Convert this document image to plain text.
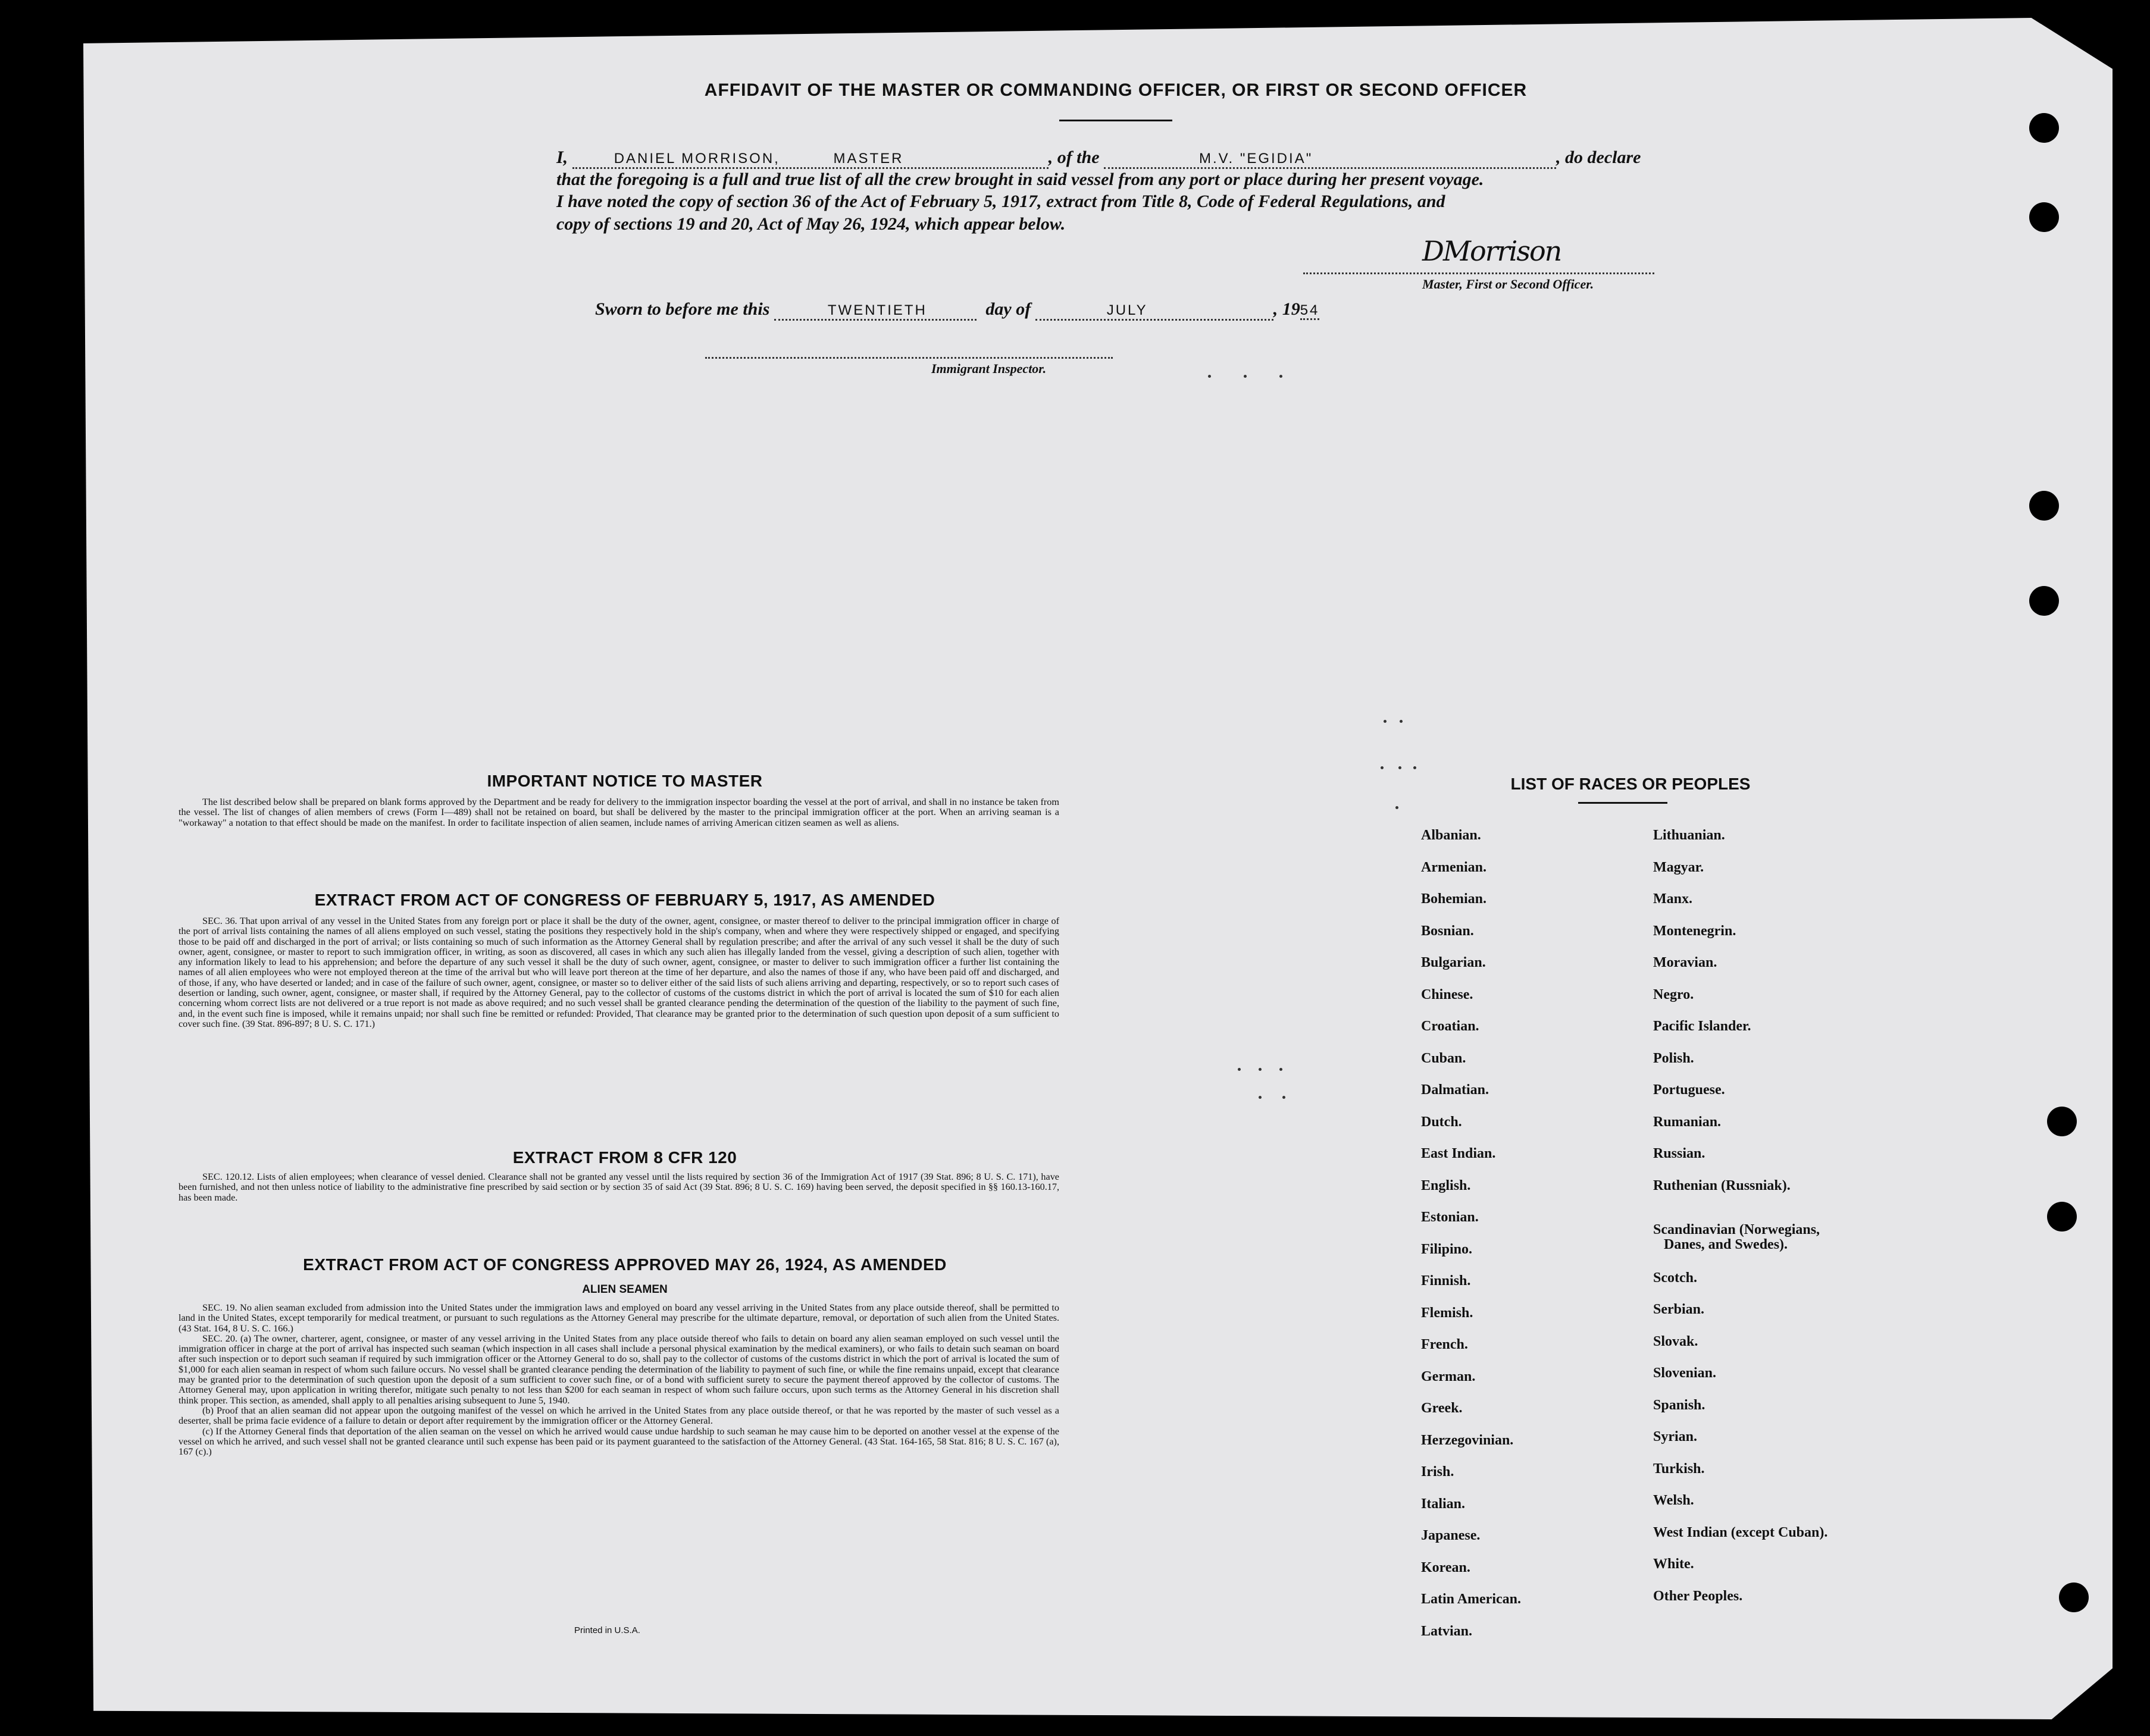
AFFIDAVIT OF THE MASTER OR COMMANDING OFFICER, OR FIRST OR SECOND OFFICER
I,	DANIEL MORRISON,	MASTER	, of the	M.V. "EGIDIA"	, do declare
that the foregoing is a full and true list of all the crew brought in said vessel from any port or place during her present voyage.
I have noted the copy of section 36 of the Act of February 5, 1917, extract from Title 8, Code of Federal Regulations, and
copy of sections 19 and 20, Act of May 26, 1924, which appear below.
DMorrison
Master, First or Second Officer.
Sworn to before me this	TWENTIETH	day of	JULY	, 1954
Immigrant Inspector.
IMPORTANT NOTICE TO MASTER
The list described below shall be prepared on blank forms approved by the Department and be ready for delivery to the immigration inspector boarding the vessel at the port of arrival, and shall in no instance be taken from the vessel. The list of changes of alien members of crews (Form I—489) shall not be retained on board, but shall be delivered by the master to the principal immigration officer at the port. When an arriving seaman is a "workaway" a notation to that effect should be made on the manifest. In order to facilitate inspection of alien seamen, include names of arriving American citizen seamen as well as aliens.
EXTRACT FROM ACT OF CONGRESS OF FEBRUARY 5, 1917, AS AMENDED
SEC. 36. That upon arrival of any vessel in the United States from any foreign port or place it shall be the duty of the owner, agent, consignee, or master thereof to deliver to the principal immigration officer in charge of the port of arrival lists containing the names of all aliens employed on such vessel, stating the positions they respectively hold in the ship's company, when and where they were respectively shipped or engaged, and specifying those to be paid off and discharged in the port of arrival; or lists containing so much of such information as the Attorney General shall by regulation prescribe; and after the arrival of any such vessel it shall be the duty of such owner, agent, consignee, or master to report to such immigration officer, in writing, as soon as discovered, all cases in which any such alien has illegally landed from the vessel, giving a description of such alien, together with any information likely to lead to his apprehension; and before the departure of any such vessel it shall be the duty of such owner, agent, consignee, or master to deliver to such immigration officer a further list containing the names of all alien employees who were not employed thereon at the time of the arrival but who will leave port thereon at the time of her departure, and also the names of those if any, who have been paid off and discharged, and of those, if any, who have deserted or landed; and in case of the failure of such owner, agent, consignee, or master so to deliver either of the said lists of such aliens arriving and departing, respectively, or so to report such cases of desertion or landing, such owner, agent, consignee, or master shall, if required by the Attorney General, pay to the collector of customs of the customs district in which the port of arrival is located the sum of $10 for each alien concerning whom correct lists are not delivered or a true report is not made as above required; and no such vessel shall be granted clearance pending the determination of the question of the liability to the payment of such fine, and, in the event such fine is imposed, while it remains unpaid; nor shall such fine be remitted or refunded: Provided, That clearance may be granted prior to the determination of such question upon deposit of a sum sufficient to cover such fine. (39 Stat. 896-897; 8 U. S. C. 171.)
EXTRACT FROM 8 CFR 120
SEC. 120.12. Lists of alien employees; when clearance of vessel denied. Clearance shall not be granted any vessel until the lists required by section 36 of the Immigration Act of 1917 (39 Stat. 896; 8 U. S. C. 171), have been furnished, and not then unless notice of liability to the administrative fine prescribed by said section or by section 35 of said Act (39 Stat. 896; 8 U. S. C. 169) having been served, the deposit specified in §§ 160.13-160.17, has been made.
EXTRACT FROM ACT OF CONGRESS APPROVED MAY 26, 1924, AS AMENDED
ALIEN SEAMEN

SEC. 19. No alien seaman excluded from admission into the United States under the immigration laws and employed on board any vessel arriving in the United States from any place outside thereof, shall be permitted to land in the United States, except temporarily for medical treatment, or pursuant to such regulations as the Attorney General may prescribe for the ultimate departure, removal, or deportation of such alien from the United States. (43 Stat. 164, 8 U. S. C. 166.)

SEC. 20. (a) The owner, charterer, agent, consignee, or master of any vessel arriving in the United States from any place outside thereof who fails to detain on board any alien seaman employed on such vessel until the immigration officer in charge at the port of arrival has inspected such seaman (which inspection in all cases shall include a personal physical examination by the medical examiners), or who fails to detain such seaman on board after such inspection or to deport such seaman if required by such immigration officer or the Attorney General to do so, shall pay to the collector of customs of the customs district in which the port of arrival is located the sum of $1,000 for each alien seaman in respect of whom such failure occurs. No vessel shall be granted clearance pending the determination of the liability to payment of such fine, or while the fine remains unpaid, except that clearance may be granted prior to the determination of such question upon the deposit of a sum sufficient to cover such fine, or of a bond with sufficient surety to secure the payment thereof approved by the collector of customs. The Attorney General may, upon application in writing therefor, mitigate such penalty to not less than $200 for each seaman in respect of whom such failure occurs, upon such terms as the Attorney General in his discretion shall think proper. This section, as amended, shall apply to all penalties arising subsequent to June 5, 1940.

(b) Proof that an alien seaman did not appear upon the outgoing manifest of the vessel on which he arrived in the United States from any place outside thereof, or that he was reported by the master of such vessel as a deserter, shall be prima facie evidence of a failure to detain or deport after requirement by the immigration officer or the Attorney General.

(c) If the Attorney General finds that deportation of the alien seaman on the vessel on which he arrived would cause undue hardship to such seaman he may cause him to be deported on another vessel at the expense of the vessel on which he arrived, and such vessel shall not be granted clearance until such expense has been paid or its payment guaranteed to the satisfaction of the Attorney General. (43 Stat. 164-165, 58 Stat. 816; 8 U. S. C. 167 (a), 167 (c).)

Printed in U.S.A.
LIST OF RACES OR PEOPLES
Albanian.
Armenian.
Bohemian.
Bosnian.
Bulgarian.
Chinese.
Croatian.
Cuban.
Dalmatian.
Dutch.
East Indian.
English.
Estonian.
Filipino.
Finnish.
Flemish.
French.
German.
Greek.
Herzegovinian.
Irish.
Italian.
Japanese.
Korean.
Latin American.
Latvian.
Lithuanian.
Magyar.
Manx.
Montenegrin.
Moravian.
Negro.
Pacific Islander.
Polish.
Portuguese.
Rumanian.
Russian.
Ruthenian (Russniak).
Scandinavian (Norwegians,
Danes, and Swedes).
Scotch.
Serbian.
Slovak.
Slovenian.
Spanish.
Syrian.
Turkish.
Welsh.
West Indian (except Cuban).
White.
Other Peoples.
